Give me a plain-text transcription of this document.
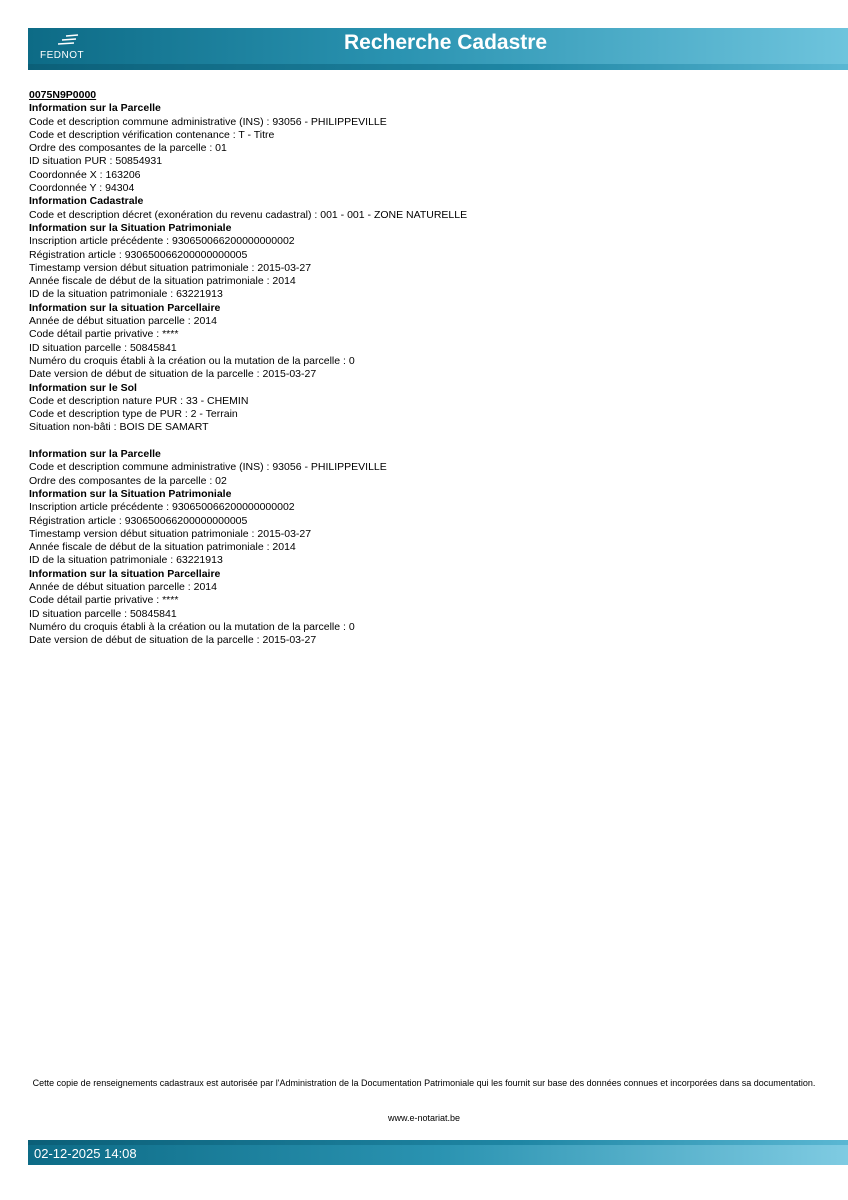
FEDNOT
Recherche Cadastre
0075N9P0000
Information sur la Parcelle
Code et description commune administrative (INS) : 93056 - PHILIPPEVILLE
Code et description vérification contenance : T - Titre
Ordre des composantes de la parcelle : 01
ID situation PUR : 50854931
Coordonnée X : 163206
Coordonnée Y : 94304
Information Cadastrale
Code et description décret (exonération du revenu cadastral) : 001 - 001 - ZONE NATURELLE
Information sur la Situation Patrimoniale
Inscription article précédente : 930650066200000000002
Régistration article : 930650066200000000005
Timestamp version début situation patrimoniale : 2015-03-27
Année fiscale de début de la situation patrimoniale : 2014
ID de la situation patrimoniale : 63221913
Information sur la situation Parcellaire
Année de début situation parcelle : 2014
Code détail partie privative : ****
ID situation parcelle : 50845841
Numéro du croquis établi à la création ou la mutation de la parcelle : 0
Date version de début de situation de la parcelle : 2015-03-27
Information sur le Sol
Code et description nature PUR : 33 - CHEMIN
Code et description type de PUR : 2 - Terrain
Situation non-bâti : BOIS DE SAMART
Information sur la Parcelle
Code et description commune administrative (INS) : 93056 - PHILIPPEVILLE
Ordre des composantes de la parcelle : 02
Information sur la Situation Patrimoniale
Inscription article précédente : 930650066200000000002
Régistration article : 930650066200000000005
Timestamp version début situation patrimoniale : 2015-03-27
Année fiscale de début de la situation patrimoniale : 2014
ID de la situation patrimoniale : 63221913
Information sur la situation Parcellaire
Année de début situation parcelle : 2014
Code détail partie privative : ****
ID situation parcelle : 50845841
Numéro du croquis établi à la création ou la mutation de la parcelle : 0
Date version de début de situation de la parcelle : 2015-03-27
Cette copie de renseignements cadastraux est autorisée par l'Administration de la Documentation Patrimoniale qui les fournit sur base des données connues et incorporées dans sa documentation.
www.e-notariat.be
02-12-2025 14:08
